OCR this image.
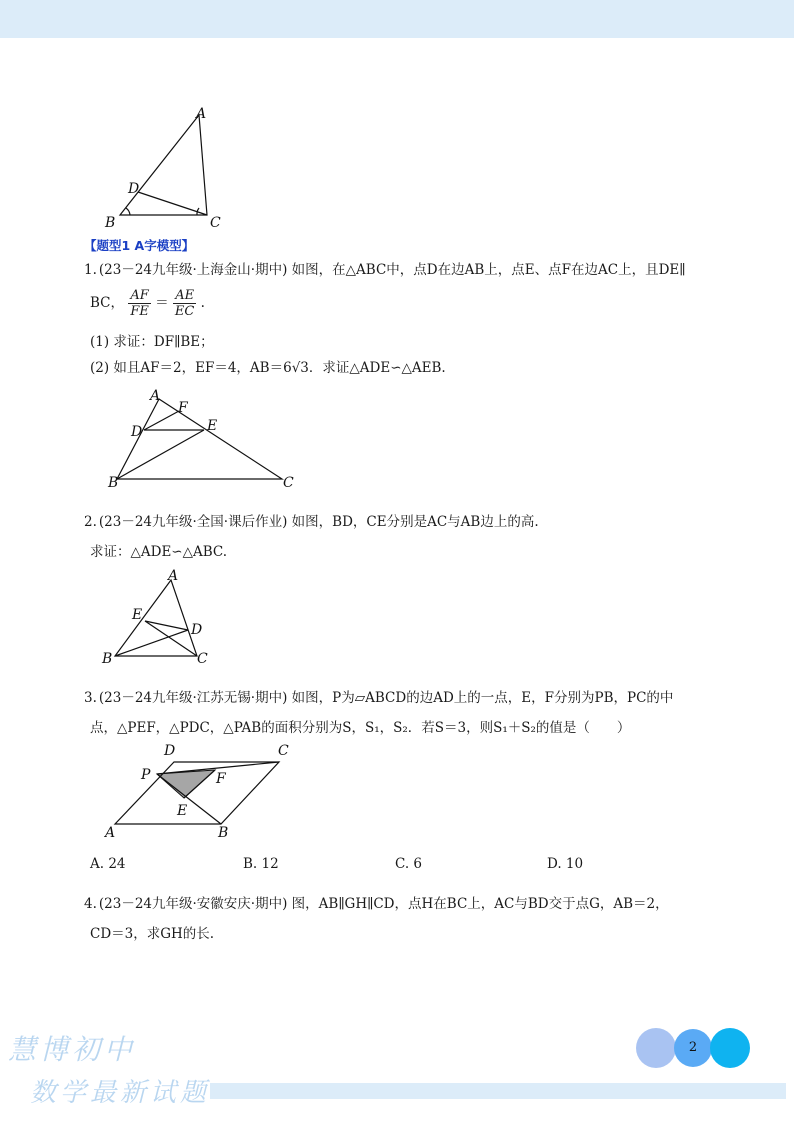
A
D
B	C
【题型1 A字模型】
1. (23－24九年级·上海金山·期中) 如图，在△ABC中，点D在边AB上，点E、点F在边AC上，且DE∥
BC， $\frac{AF}{FE} = \frac{AE}{EC}$ .
(1) 求证：DF∥BE；
(2) 如且AF＝2，EF＝4，AB＝6√3．求证△ADE∽△AEB.
A
F
D	E
B	C
2. (23－24九年级·全国·课后作业) 如图，BD，CE分别是AC与AB边上的高.
求证：△ADE∽△ABC.
A
E
D
B	C
3. (23－24九年级·江苏无锡·期中) 如图，P为▱ABCD的边AD上的一点，E，F分别为PB，PC的中
点，△PEF，△PDC，△PAB的面积分别为S，S₁，S₂．若S＝3，则S₁＋S₂的值是（　　）
D	C
P	F
E
A	B
A. 24	B. 12	C. 6	D. 10
4. (23－24九年级·安徽安庆·期中) 图，AB∥GH∥CD，点H在BC上，AC与BD交于点G，AB＝2，
CD＝3，求GH的长.
慧博初中
数学最新试题
2
